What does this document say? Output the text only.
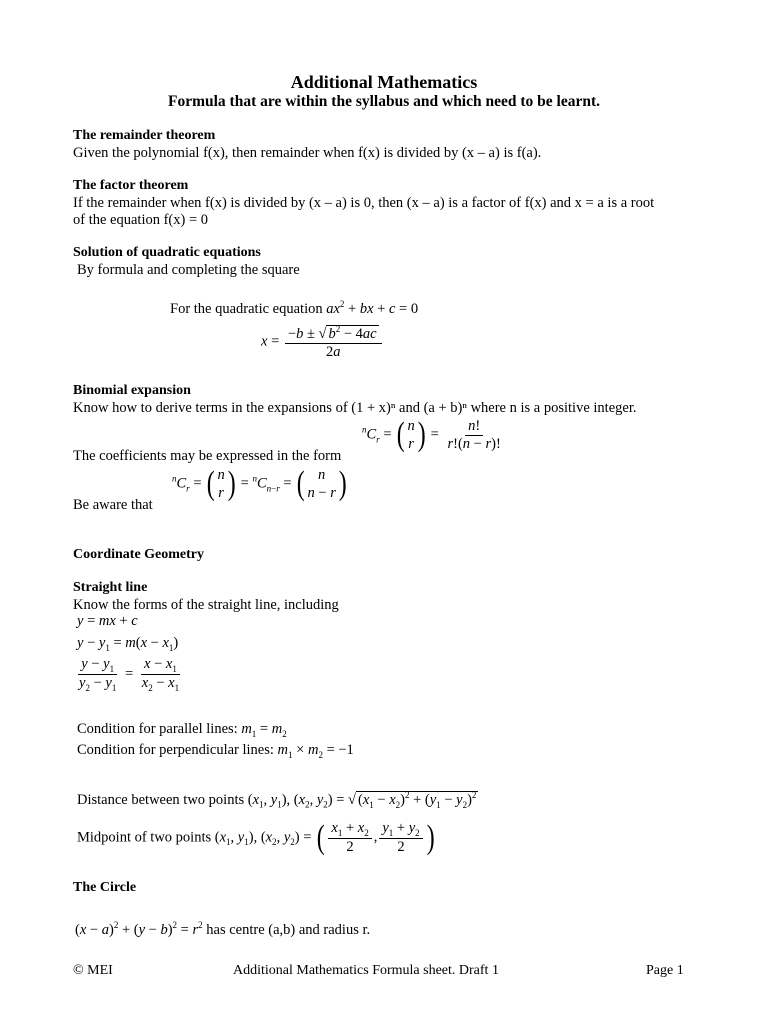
Additional Mathematics
Formula that are within the syllabus and which need to be learnt.
The remainder theorem
Given the polynomial f(x), then remainder when f(x) is divided by (x – a) is f(a).
The factor theorem
If the remainder when f(x) is divided by (x – a) is 0, then (x – a) is a factor of f(x) and x = a is a root
of the equation f(x) = 0
Solution of quadratic equations
By formula and completing the square
For the quadratic equation $ax^2$ + bx + c = 0
$x = \frac{-b \pm √ b^2 - 4ac}{2a}$
Binomial expansion
Know how to derive terms in the expansions of (1 + x)ⁿ and (a + b)ⁿ where n is a positive integer.
The coefficients may be expressed in the form
$^nC_r$ = ( n
r ) = $\frac{n!}{r!(n - r)!}$
Be aware that
$^nC_r$ = ( n
r ) = $^nC_{n-r}$ = ( n
n − r )
Coordinate Geometry
Straight line
Know the forms of the straight line, including
y = mx + c
$y - y_1 = m(x - x_1)$
$\frac{y - y_1}{y_2 - y_1} = \frac{x - x_1}{x_2 - x_1}$
Condition for parallel lines: $m_1 = m_2$
Condition for perpendicular lines: $m_1 \times m_2 = -1$
Distance between two points ($x_1$, $y_1$), ($x_2$, $y_2$) = √ $(x_1 - x_2)^2 + (y_1 - y_2)^2$
Midpoint of two points ($x_1$, $y_1$), ($x_2$, $y_2$) = ( $\frac{x_1 + x_2}{2}$ , $\frac{y_1 + y_2}{2}$ )
The Circle
$(x - a)^2 + (y - b)^2 = r^2$ has centre (a,b) and radius r.
© MEI	Additional Mathematics Formula sheet. Draft 1	Page 1
